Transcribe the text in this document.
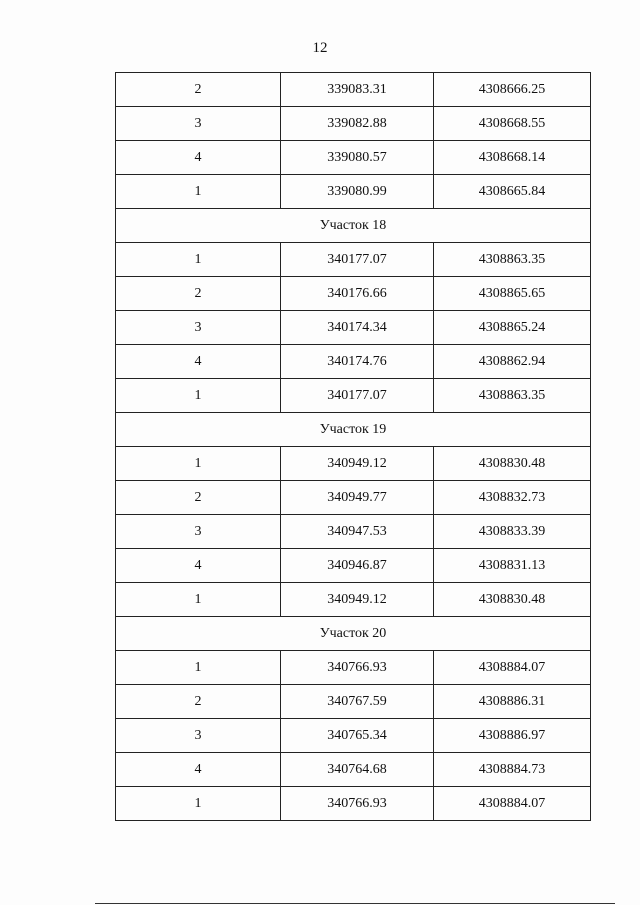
12
2	339083.31	4308666.25
3	339082.88	4308668.55
4	339080.57	4308668.14
1	339080.99	4308665.84
Участок 18		
1	340177.07	4308863.35
2	340176.66	4308865.65
3	340174.34	4308865.24
4	340174.76	4308862.94
1	340177.07	4308863.35
Участок 19		
1	340949.12	4308830.48
2	340949.77	4308832.73
3	340947.53	4308833.39
4	340946.87	4308831.13
1	340949.12	4308830.48
Участок 20		
1	340766.93	4308884.07
2	340767.59	4308886.31
3	340765.34	4308886.97
4	340764.68	4308884.73
1	340766.93	4308884.07
